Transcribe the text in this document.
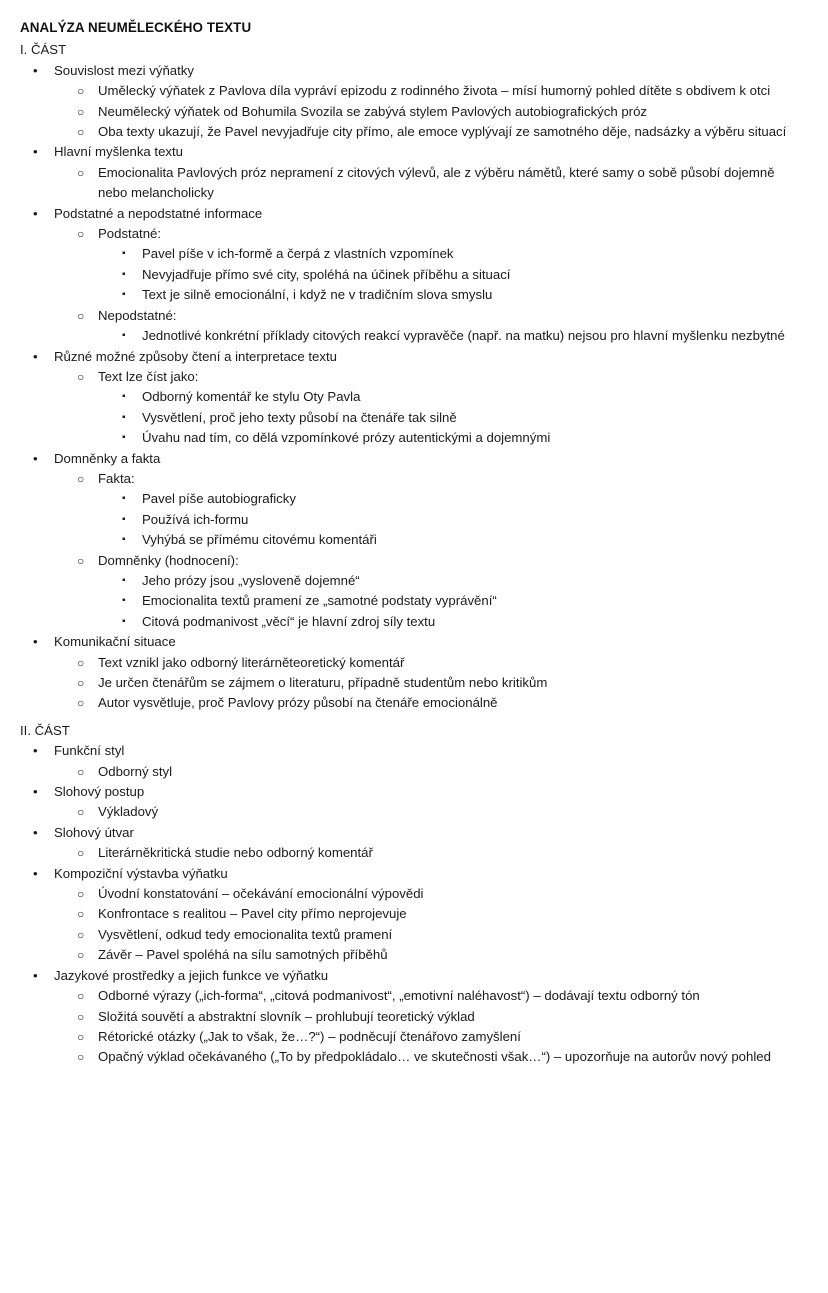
ANALÝZA NEUMĚLECKÉHO TEXTU
I. ČÁST
•	Souvislost mezi výňatky
○	Umělecký výňatek z Pavlova díla vypráví epizodu z rodinného života – mísí humorný pohled dítěte s obdivem k otci
○	Neumělecký výňatek od Bohumila Svozila se zabývá stylem Pavlových autobiografických próz
○	Oba texty ukazují, že Pavel nevyjadřuje city přímo, ale emoce vyplývají ze samotného děje, nadsázky a výběru situací
•	Hlavní myšlenka textu
○	Emocionalita Pavlových próz nepramení z citových výlevů, ale z výběru námětů, které samy o sobě působí dojemně nebo melancholicky
•	Podstatné a nepodstatné informace
○	Podstatné:
▪	Pavel píše v ich-formě a čerpá z vlastních vzpomínek
▪	Nevyjadřuje přímo své city, spoléhá na účinek příběhu a situací
▪	Text je silně emocionální, i když ne v tradičním slova smyslu
○	Nepodstatné:
▪	Jednotlivé konkrétní příklady citových reakcí vypravěče (např. na matku) nejsou pro hlavní myšlenku nezbytné
•	Různé možné způsoby čtení a interpretace textu
○	Text lze číst jako:
▪	Odborný komentář ke stylu Oty Pavla
▪	Vysvětlení, proč jeho texty působí na čtenáře tak silně
▪	Úvahu nad tím, co dělá vzpomínkové prózy autentickými a dojemnými
•	Domněnky a fakta
○	Fakta:
▪	Pavel píše autobiograficky
▪	Používá ich-formu
▪	Vyhýbá se přímému citovému komentáři
○	Domněnky (hodnocení):
▪	Jeho prózy jsou „vysloveně dojemné“
▪	Emocionalita textů pramení ze „samotné podstaty vyprávění“
▪	Citová podmanivost „věcí“ je hlavní zdroj síly textu
•	Komunikační situace
○	Text vznikl jako odborný literárněteoretický komentář
○	Je určen čtenářům se zájmem o literaturu, případně studentům nebo kritikům
○	Autor vysvětluje, proč Pavlovy prózy působí na čtenáře emocionálně
II. ČÁST
•	Funkční styl
○	Odborný styl
•	Slohový postup
○	Výkladový
•	Slohový útvar
○	Literárněkritická studie nebo odborný komentář
•	Kompoziční výstavba výňatku
○	Úvodní konstatování – očekávání emocionální výpovědi
○	Konfrontace s realitou – Pavel city přímo neprojevuje
○	Vysvětlení, odkud tedy emocionalita textů pramení
○	Závěr – Pavel spoléhá na sílu samotných příběhů
•	Jazykové prostředky a jejich funkce ve výňatku
○	Odborné výrazy („ich-forma“, „citová podmanivost“, „emotivní naléhavost“) – dodávají textu odborný tón
○	Složitá souvětí a abstraktní slovník – prohlubují teoretický výklad
○	Rétorické otázky („Jak to však, že…?“) – podněcují čtenářovo zamyšlení
○	Opačný výklad očekávaného („To by předpokládalo… ve skutečnosti však…“) – upozorňuje na autorův nový pohled
